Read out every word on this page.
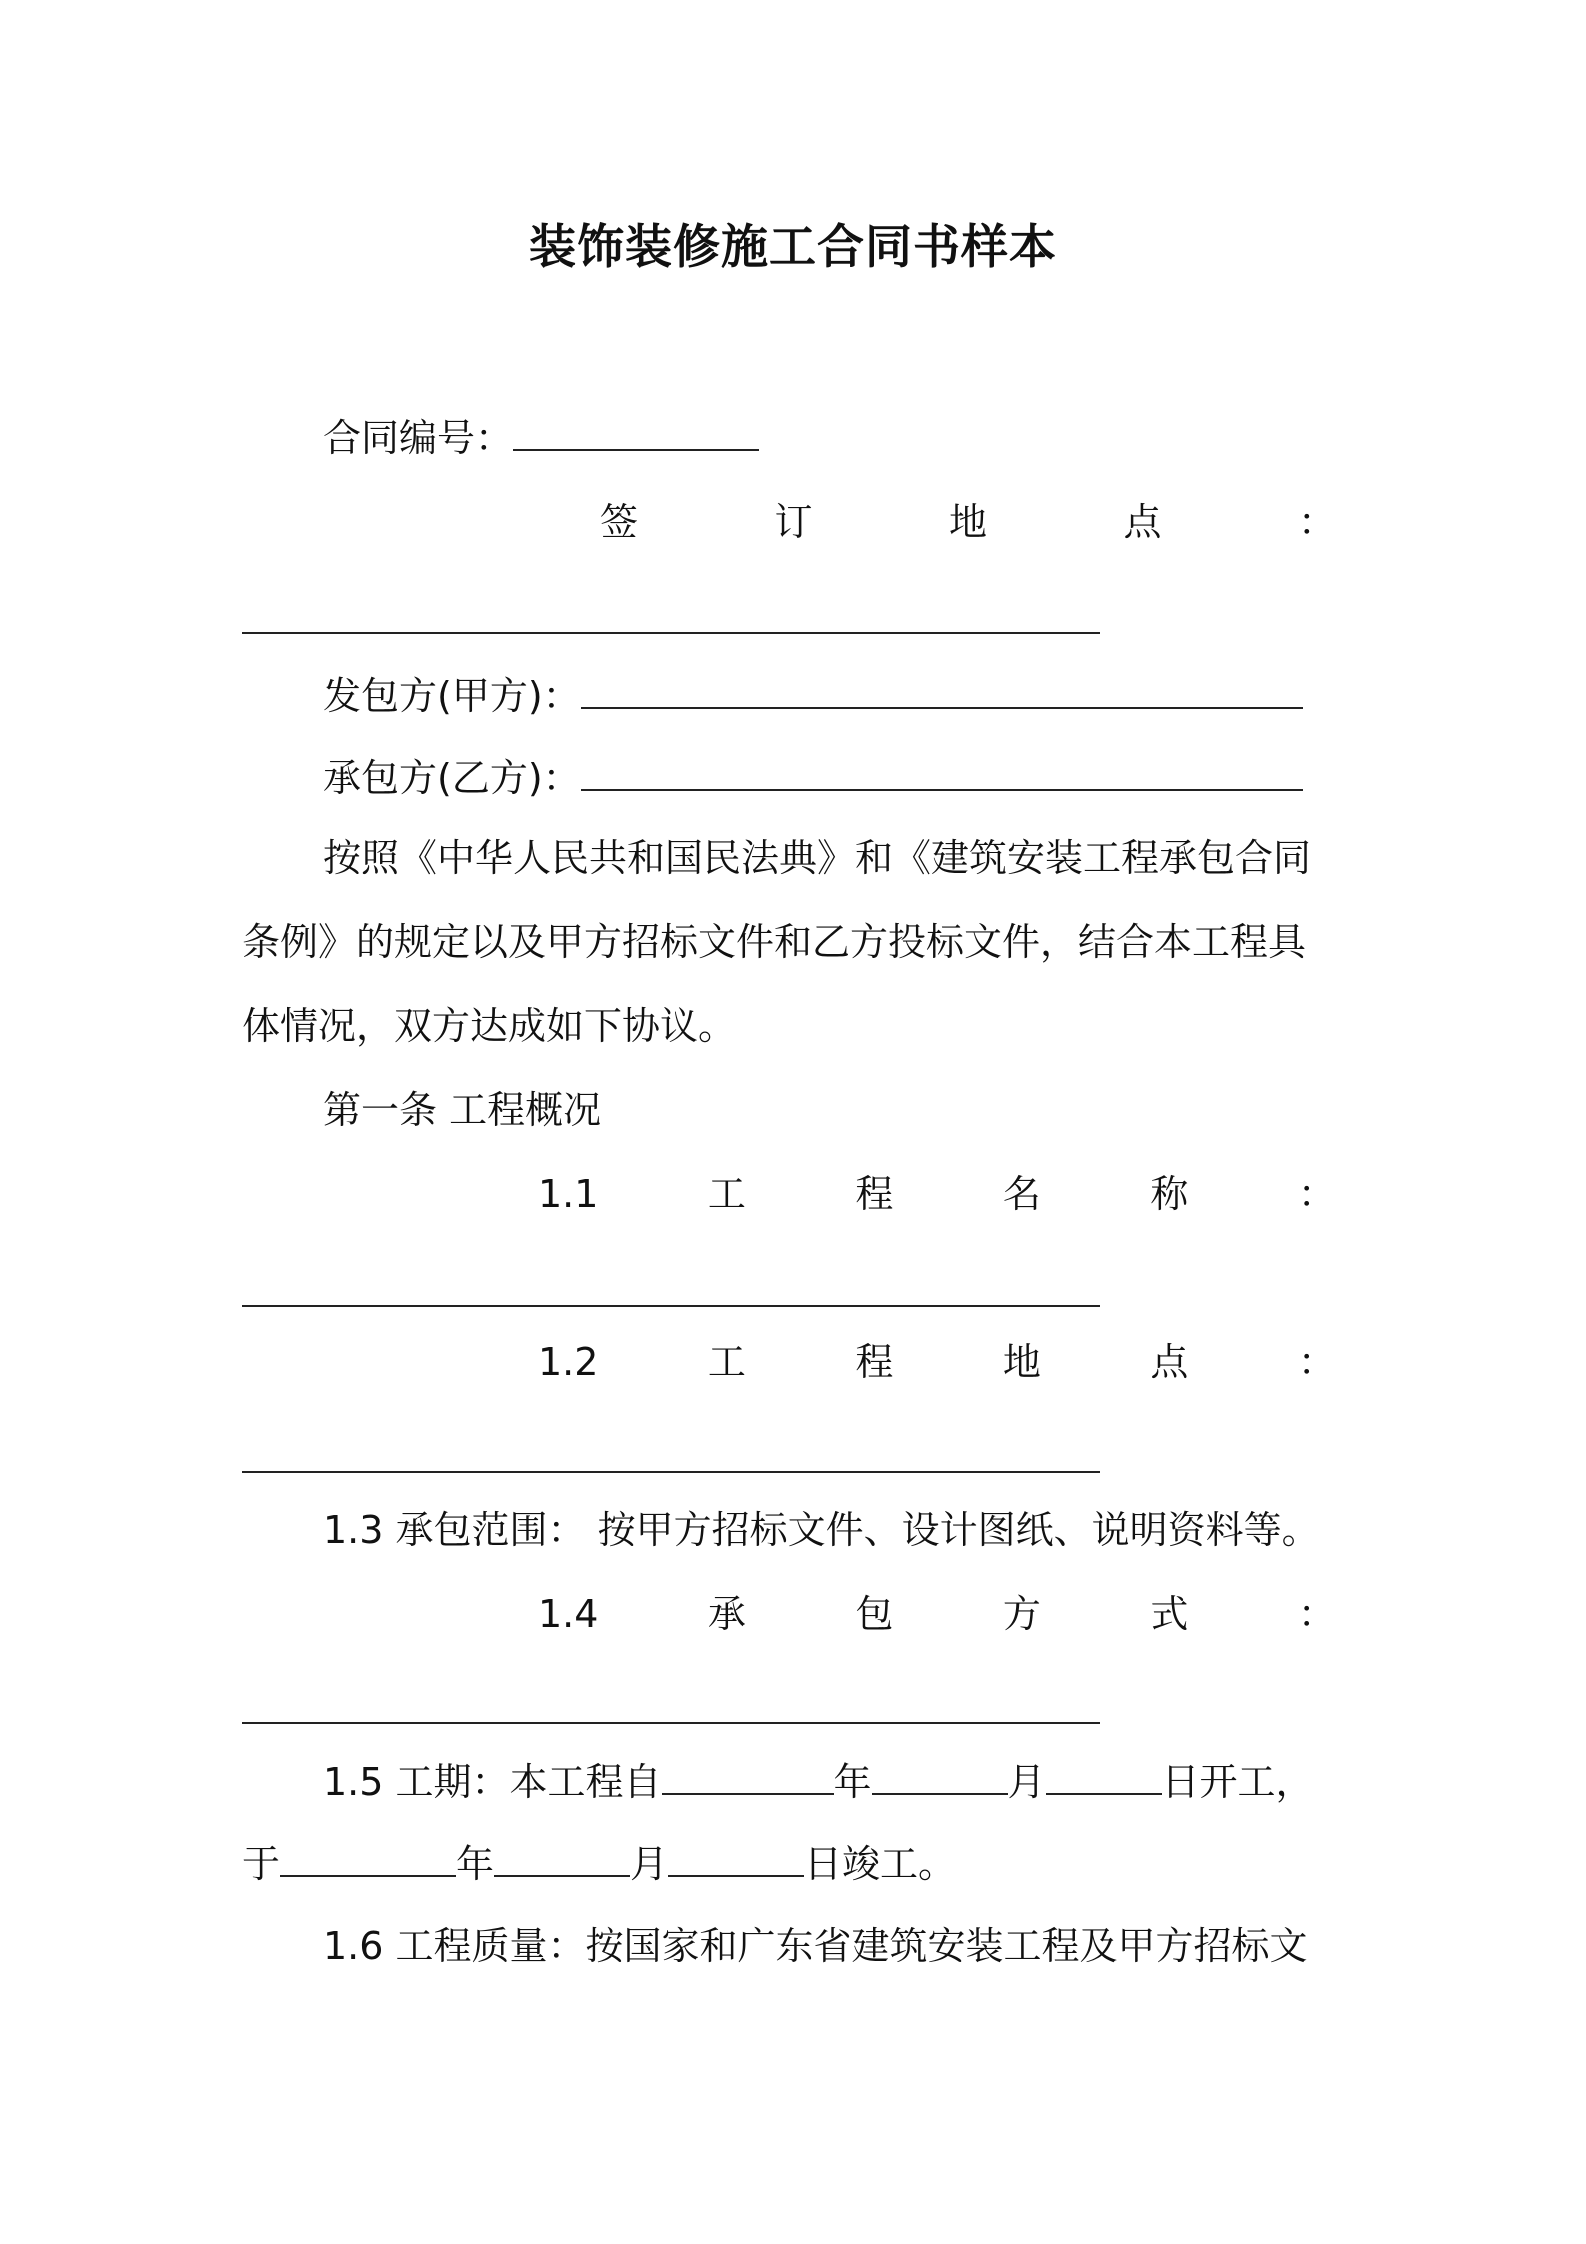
装饰装修施工合同书样本
合同编号：
签	订	地	点	：
发包方(甲方)：
承包方(乙方)：
按照《中华人民共和国民法典》和《建筑安装工程承包合同
条例》的规定以及甲方招标文件和乙方投标文件，结合本工程具
体情况，双方达成如下协议。
第一条 工程概况
1.1	工	程	名	称	：
1.2	工	程	地	点	：
1.3 承包范围： 按甲方招标文件、设计图纸、说明资料等。
1.4	承	包	方	式	：
1.5 工期：本工程自	年	月	日开工，
于	年	月	日竣工。
1.6 工程质量：按国家和广东省建筑安装工程及甲方招标文
